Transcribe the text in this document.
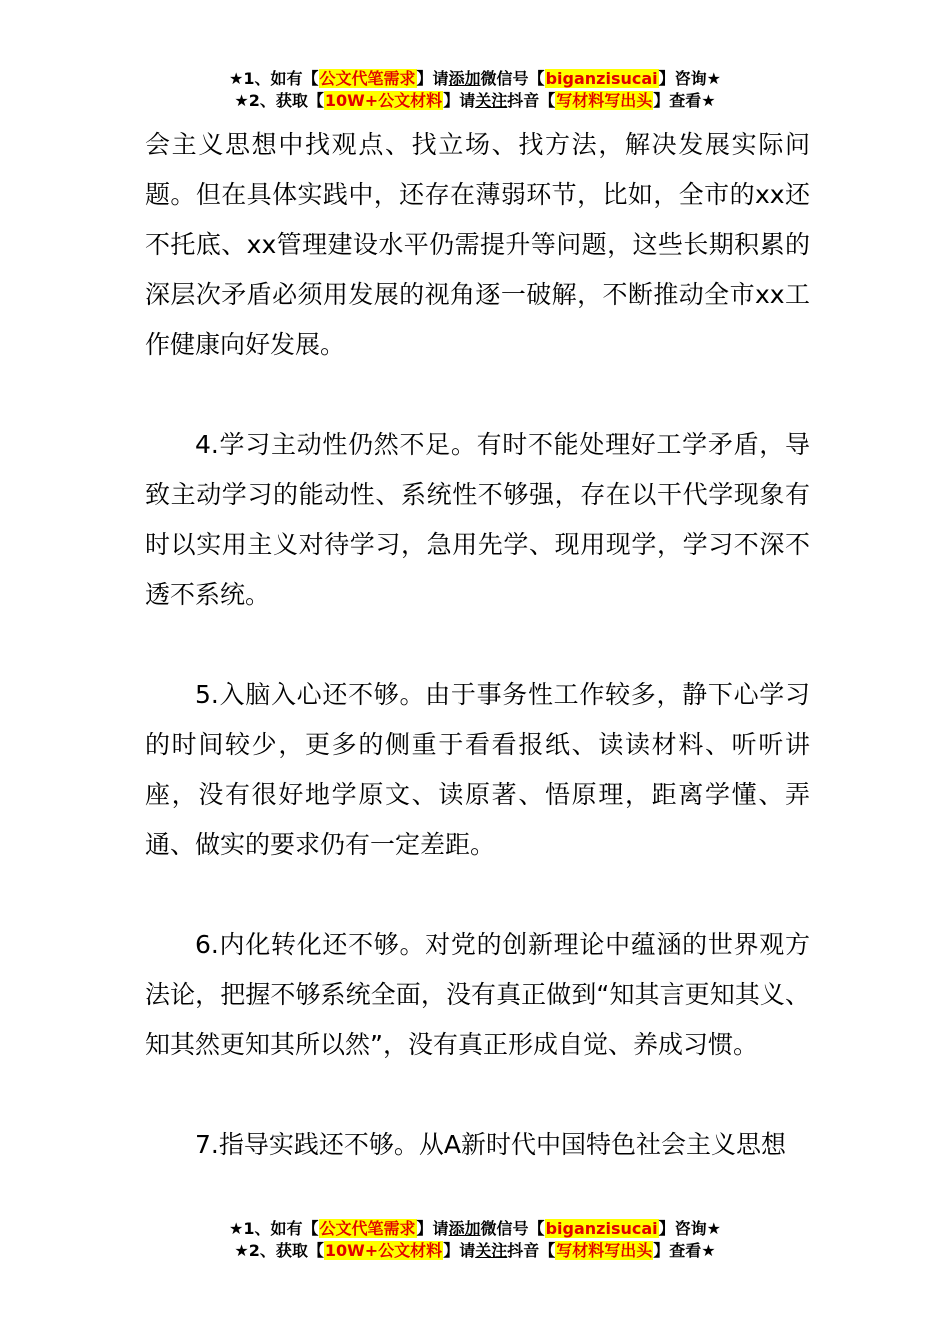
★1、如有【公文代笔需求】请添加微信号【biganzisucai】咨询★
★2、获取【10W+公文材料】请关注抖音【写材料写出头】查看★

会主义思想中找观点、找立场、找方法，解决发展实际问题。但在具体实践中，还存在薄弱环节，比如，全市的xx还不托底、xx管理建设水平仍需提升等问题，这些长期积累的深层次矛盾必须用发展的视角逐一破解，不断推动全市xx工作健康向好发展。

4.学习主动性仍然不足。有时不能处理好工学矛盾，导致主动学习的能动性、系统性不够强，存在以干代学现象有时以实用主义对待学习，急用先学、现用现学，学习不深不透不系统。

5.入脑入心还不够。由于事务性工作较多，静下心学习的时间较少，更多的侧重于看看报纸、读读材料、听听讲座，没有很好地学原文、读原著、悟原理，距离学懂、弄通、做实的要求仍有一定差距。

6.内化转化还不够。对党的创新理论中蕴涵的世界观方法论，把握不够系统全面，没有真正做到“知其言更知其义、知其然更知其所以然”，没有真正形成自觉、养成习惯。

7.指导实践还不够。从A新时代中国特色社会主义思想

★1、如有【公文代笔需求】请添加微信号【biganzisucai】咨询★
★2、获取【10W+公文材料】请关注抖音【写材料写出头】查看★
